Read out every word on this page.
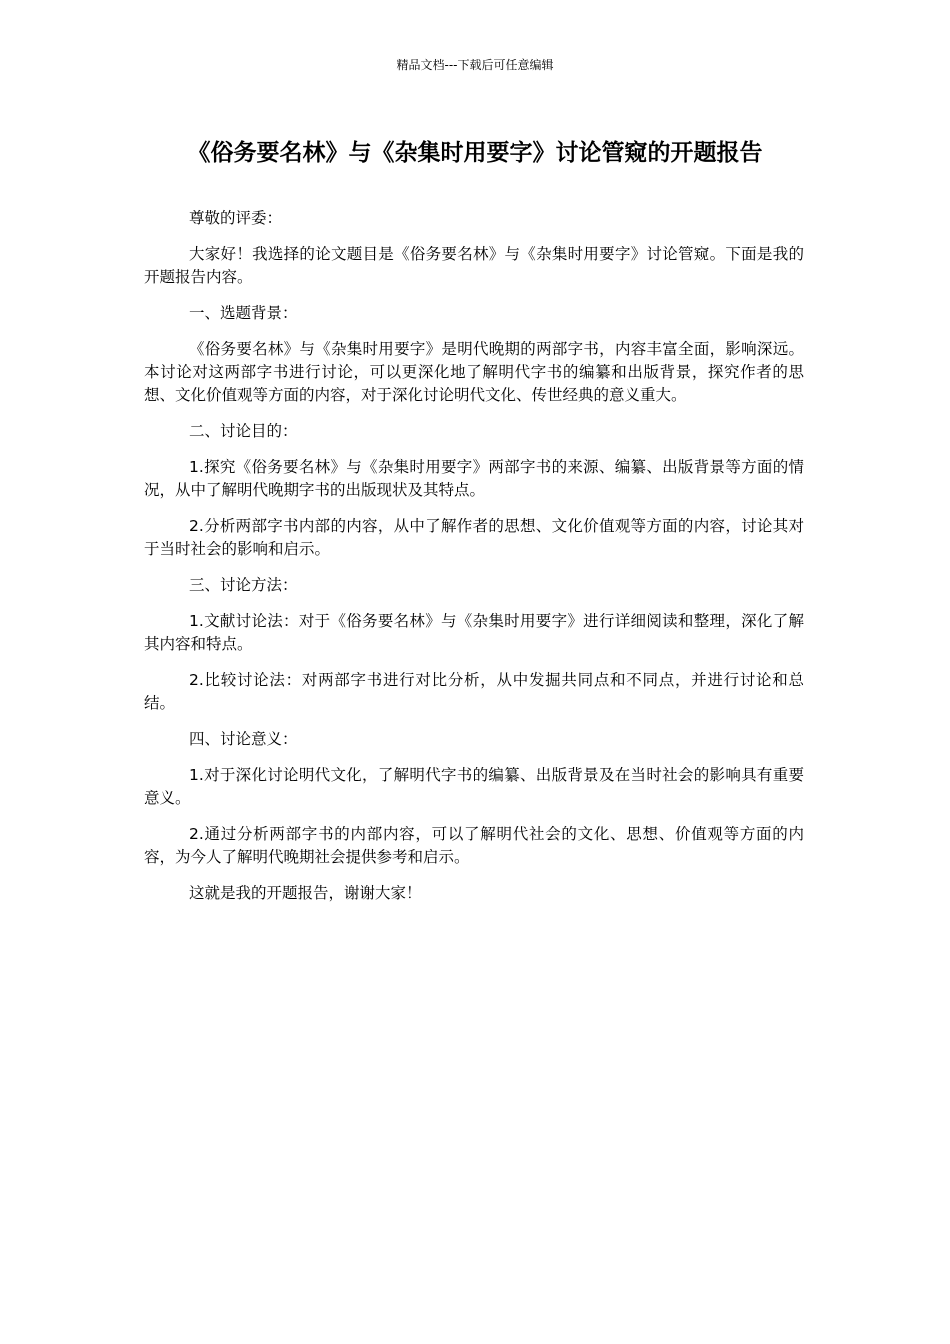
精品文档---下载后可任意编辑
《俗务要名林》与《杂集时用要字》讨论管窥的开题报告

尊敬的评委：

大家好！我选择的论文题目是《俗务要名林》与《杂集时用要字》讨论管窥。下面是我的开题报告内容。

一、选题背景：

《俗务要名林》与《杂集时用要字》是明代晚期的两部字书，内容丰富全面，影响深远。本讨论对这两部字书进行讨论，可以更深化地了解明代字书的编纂和出版背景，探究作者的思想、文化价值观等方面的内容，对于深化讨论明代文化、传世经典的意义重大。

二、讨论目的：

1.探究《俗务要名林》与《杂集时用要字》两部字书的来源、编纂、出版背景等方面的情况，从中了解明代晚期字书的出版现状及其特点。

2.分析两部字书内部的内容，从中了解作者的思想、文化价值观等方面的内容，讨论其对于当时社会的影响和启示。

三、讨论方法：

1.文献讨论法：对于《俗务要名林》与《杂集时用要字》进行详细阅读和整理，深化了解其内容和特点。

2.比较讨论法：对两部字书进行对比分析，从中发掘共同点和不同点，并进行讨论和总结。

四、讨论意义：

1.对于深化讨论明代文化，了解明代字书的编纂、出版背景及在当时社会的影响具有重要意义。

2.通过分析两部字书的内部内容，可以了解明代社会的文化、思想、价值观等方面的内容，为今人了解明代晚期社会提供参考和启示。

这就是我的开题报告，谢谢大家！
